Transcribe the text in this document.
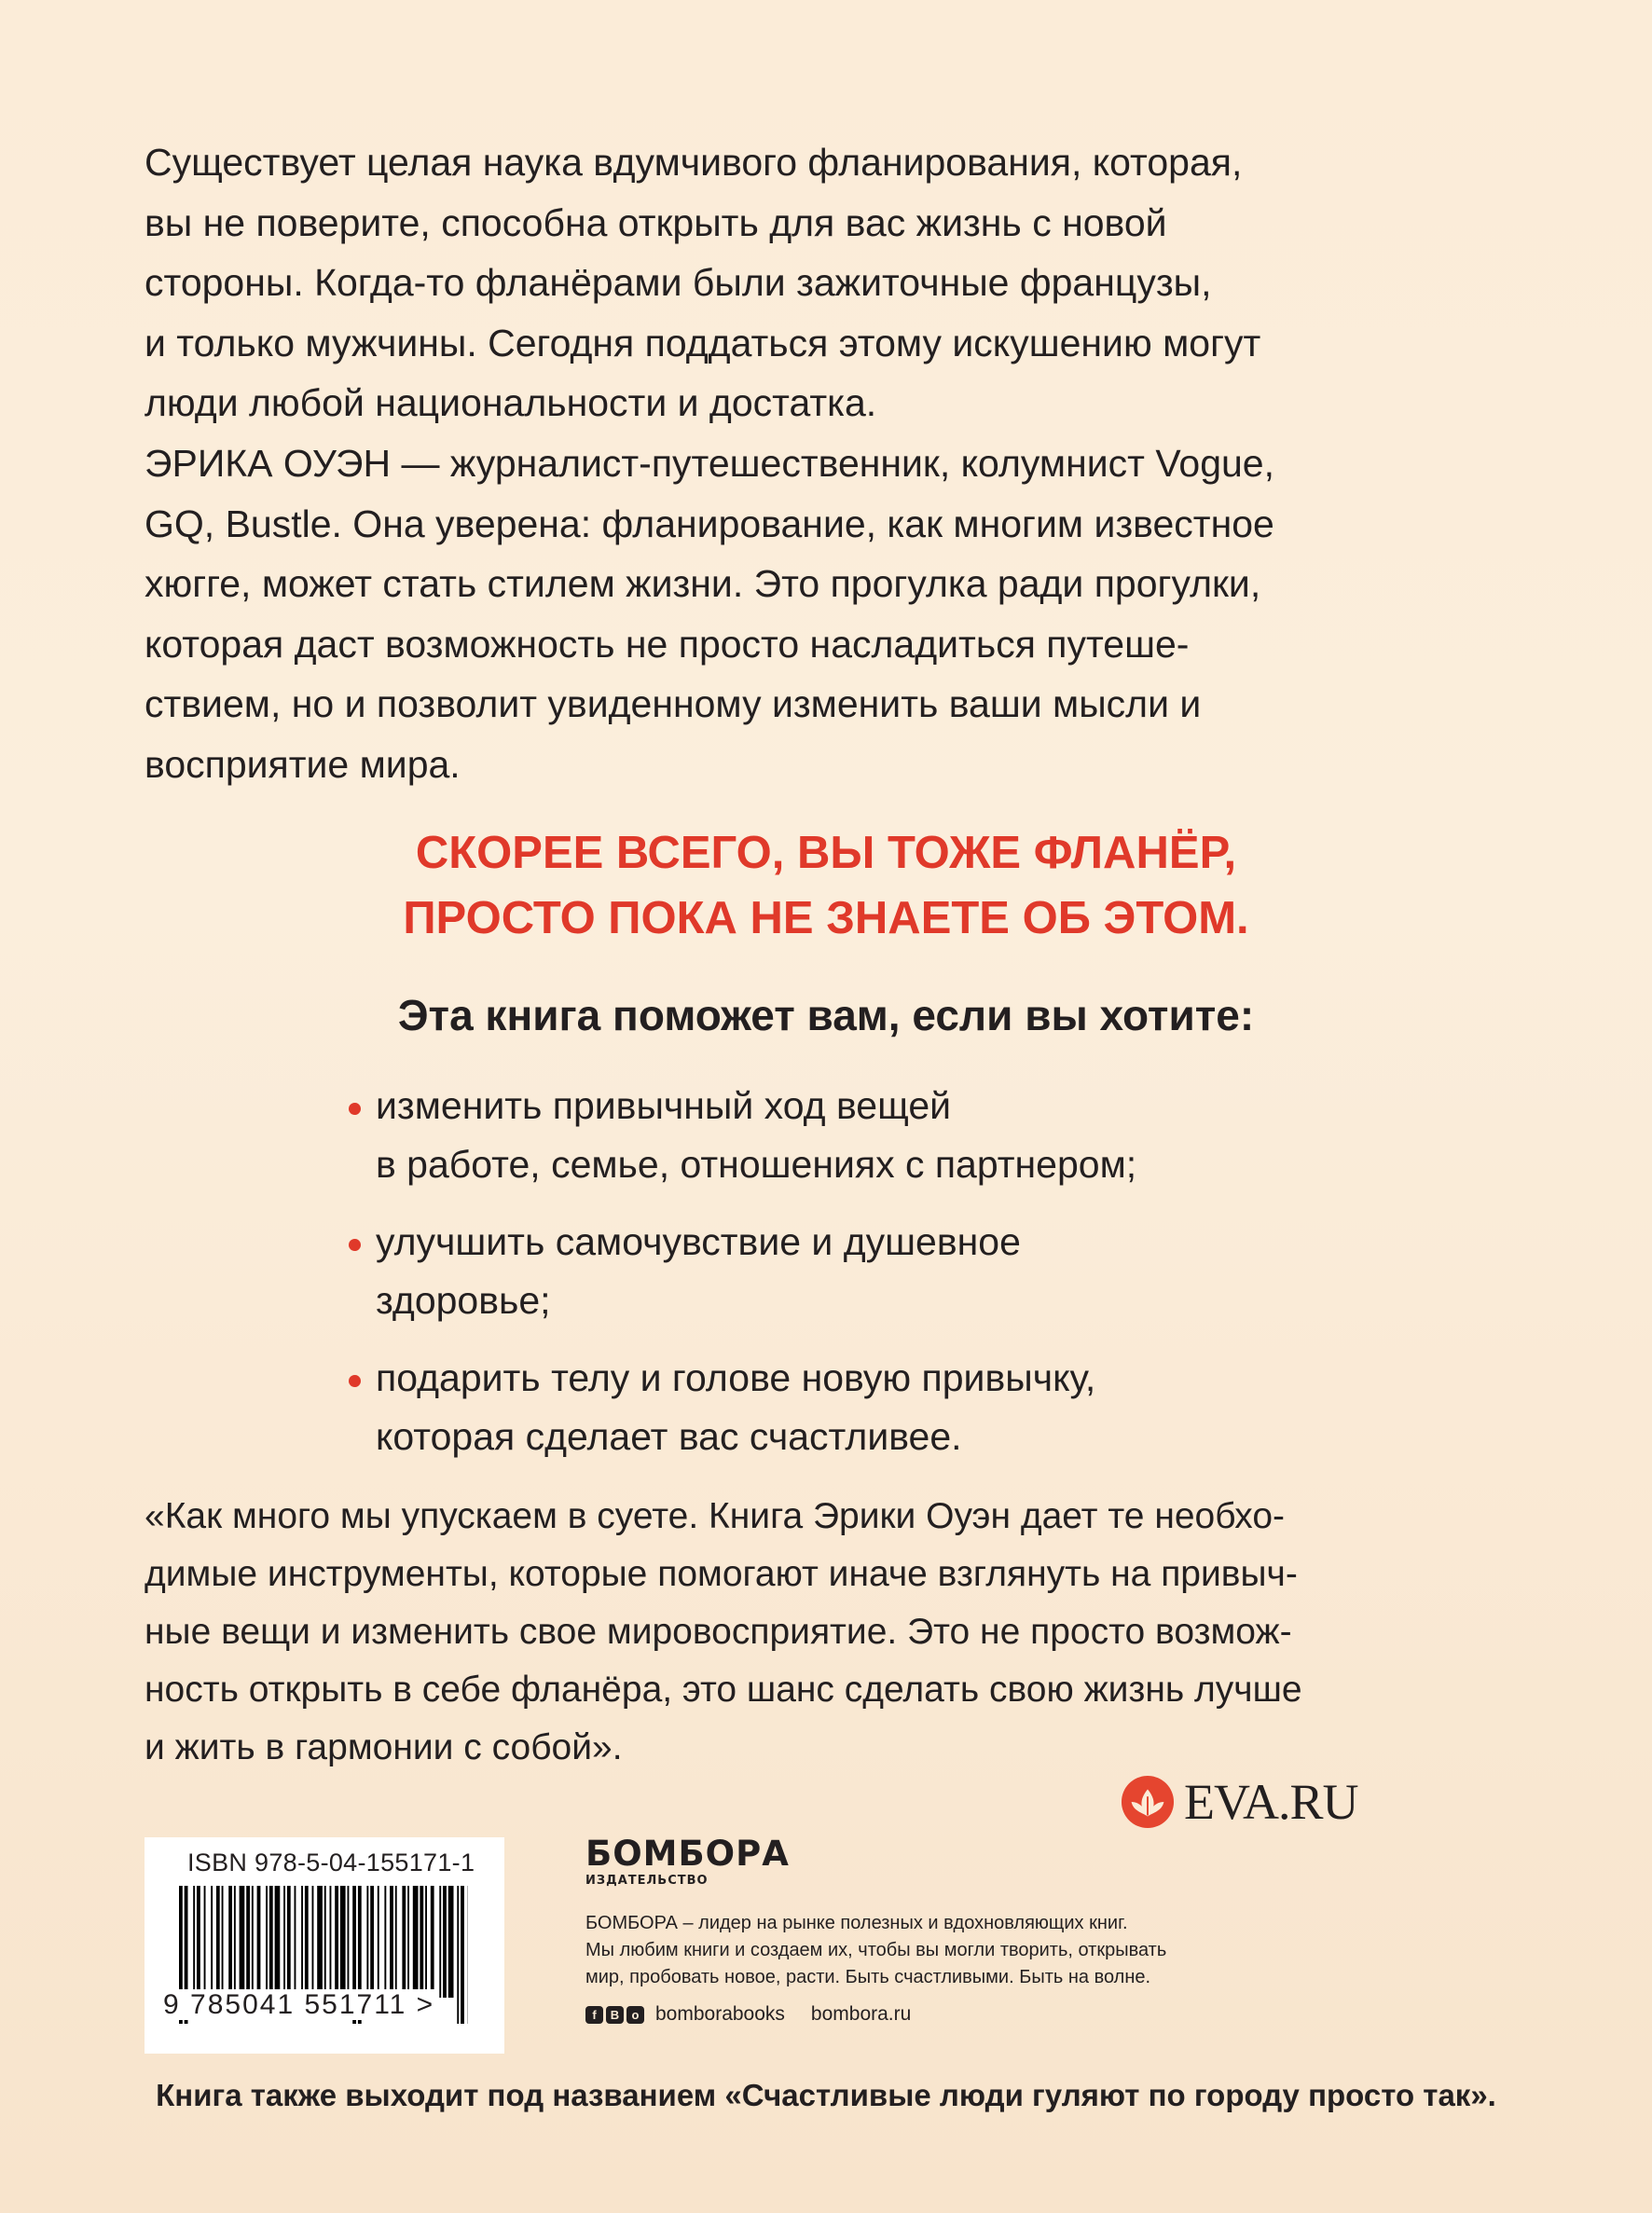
Существует целая наука вдумчивого фланирования, которая,
вы не поверите, способна открыть для вас жизнь с новой
стороны. Когда-то фланёрами были зажиточные французы,
и только мужчины. Сегодня поддаться этому искушению могут
люди любой национальности и достатка.

ЭРИКА ОУЭН — журналист-путешественник, колумнист Vogue,
GQ, Bustle. Она уверена: фланирование, как многим известное
хюгге, может стать стилем жизни. Это прогулка ради прогулки,
которая даст возможность не просто насладиться путеше-
ствием, но и позволит увиденному изменить ваши мысли и
восприятие мира.

СКОРЕЕ ВСЕГО, ВЫ ТОЖЕ ФЛАНЁР,
ПРОСТО ПОКА НЕ ЗНАЕТЕ ОБ ЭТОМ.
Эта книга поможет вам, если вы хотите:
изменить привычный ход вещей
в работе, семье, отношениях с партнером;
улучшить самочувствие и душевное
здоровье;
подарить телу и голове новую привычку,
которая сделает вас счастливее.

«Как много мы упускаем в суете. Книга Эрики Оуэн дает те необхо-
димые инструменты, которые помогают иначе взглянуть на привыч-
ные вещи и изменить свое мировосприятие. Это не просто возмож-
ность открыть в себе фланёра, это шанс сделать свою жизнь лучше
и жить в гармонии с собой».

EVA.RU
ISBN 978-5-04-155171-1
9 785041 551711 >
БОМБОРА
ИЗДАТЕЛЬСТВО
БОМБОРА – лидер на рынке полезных и вдохновляющих книг.
Мы любим книги и создаем их, чтобы вы могли творить, открывать
мир, пробовать новое, расти. Быть счастливыми. Быть на волне.
f	B	o bomborabooks bombora.ru
Книга также выходит под названием «Счастливые люди гуляют по городу просто так».
